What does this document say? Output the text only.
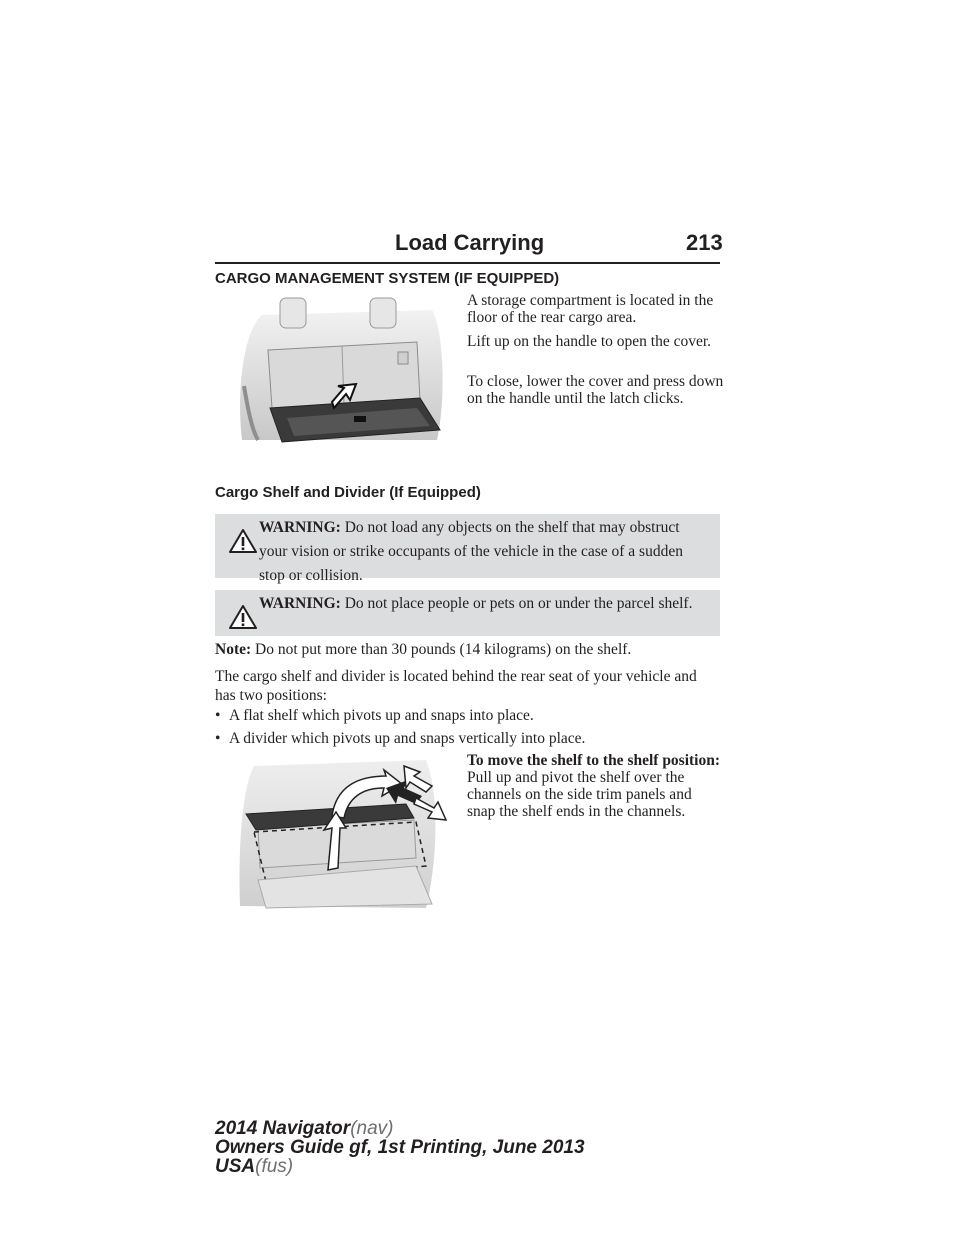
Load Carrying	213
CARGO MANAGEMENT SYSTEM (IF EQUIPPED)
A storage compartment is located in the floor of the rear cargo area.
Lift up on the handle to open the cover.
To close, lower the cover and press down on the handle until the latch clicks.
Cargo Shelf and Divider (If Equipped)
WARNING: Do not load any objects on the shelf that may obstruct your vision or strike occupants of the vehicle in the case of a sudden stop or collision.
WARNING: Do not place people or pets on or under the parcel shelf.
Note: Do not put more than 30 pounds (14 kilograms) on the shelf.
The cargo shelf and divider is located behind the rear seat of your vehicle and has two positions:
• A flat shelf which pivots up and snaps into place.
• A divider which pivots up and snaps vertically into place.
To move the shelf to the shelf position: Pull up and pivot the shelf over the channels on the side trim panels and snap the shelf ends in the channels.
2014 Navigator(nav)
Owners Guide gf, 1st Printing, June 2013
USA(fus)
